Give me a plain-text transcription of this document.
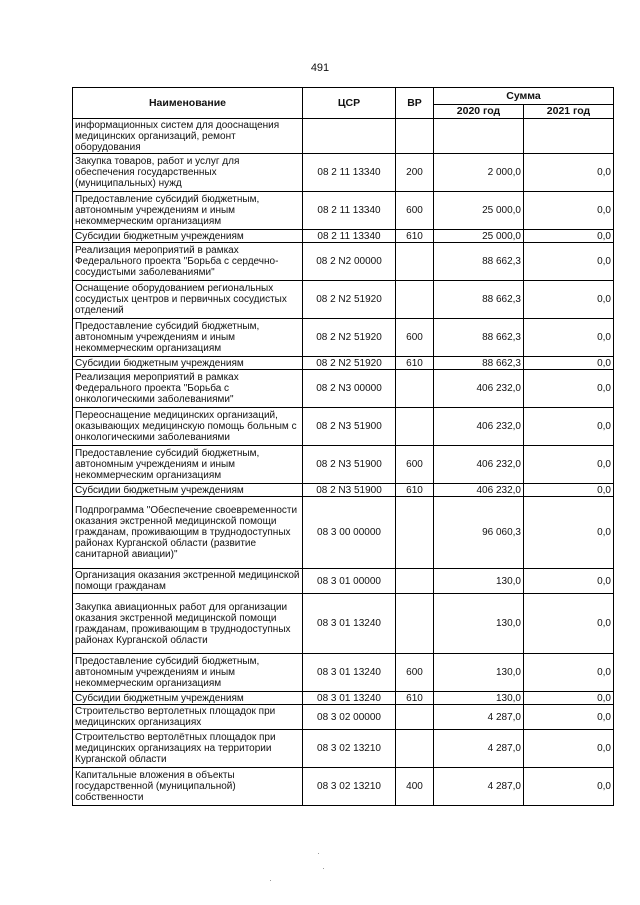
491
Наименование	ЦСР	ВР	Сумма	
			2020 год	2021 год
информационных систем для дооснащения медицинских организаций, ремонт оборудования				
Закупка товаров, работ и услуг для обеспечения государственных (муниципальных) нужд	08 2 11 13340	200	2 000,0	0,0
Предоставление субсидий бюджетным, автономным учреждениям и иным некоммерческим организациям	08 2 11 13340	600	25 000,0	0,0
Субсидии бюджетным учреждениям	08 2 11 13340	610	25 000,0	0,0
Реализация мероприятий в рамках Федерального проекта "Борьба с сердечно-сосудистыми заболеваниями"	08 2 N2 00000		88 662,3	0,0
Оснащение оборудованием региональных сосудистых центров и первичных сосудистых отделений	08 2 N2 51920		88 662,3	0,0
Предоставление субсидий бюджетным, автономным учреждениям и иным некоммерческим организациям	08 2 N2 51920	600	88 662,3	0,0
Субсидии бюджетным учреждениям	08 2 N2 51920	610	88 662,3	0,0
Реализация мероприятий в рамках Федерального проекта "Борьба с онкологическими заболеваниями"	08 2 N3 00000		406 232,0	0,0
Переоснащение медицинских организаций, оказывающих медицинскую помощь больным с онкологическими заболеваниями	08 2 N3 51900		406 232,0	0,0
Предоставление субсидий бюджетным, автономным учреждениям и иным некоммерческим организациям	08 2 N3 51900	600	406 232,0	0,0
Субсидии бюджетным учреждениям	08 2 N3 51900	610	406 232,0	0,0
Подпрограмма "Обеспечение своевременности оказания экстренной медицинской помощи гражданам, проживающим в труднодоступных районах Курганской области (развитие санитарной авиации)"	08 3 00 00000		96 060,3	0,0
Организация оказания экстренной медицинской помощи гражданам	08 3 01 00000		130,0	0,0
Закупка авиационных работ для организации оказания экстренной медицинской помощи гражданам, проживающим в труднодоступных районах Курганской области	08 3 01 13240		130,0	0,0
Предоставление субсидий бюджетным, автономным учреждениям и иным некоммерческим организациям	08 3 01 13240	600	130,0	0,0
Субсидии бюджетным учреждениям	08 3 01 13240	610	130,0	0,0
Строительство вертолетных площадок при медицинских организациях	08 3 02 00000		4 287,0	0,0
Строительство вертолётных площадок при медицинских организациях на территории Курганской области	08 3 02 13210		4 287,0	0,0
Капитальные вложения в объекты государственной (муниципальной) собственности	08 3 02 13210	400	4 287,0	0,0
